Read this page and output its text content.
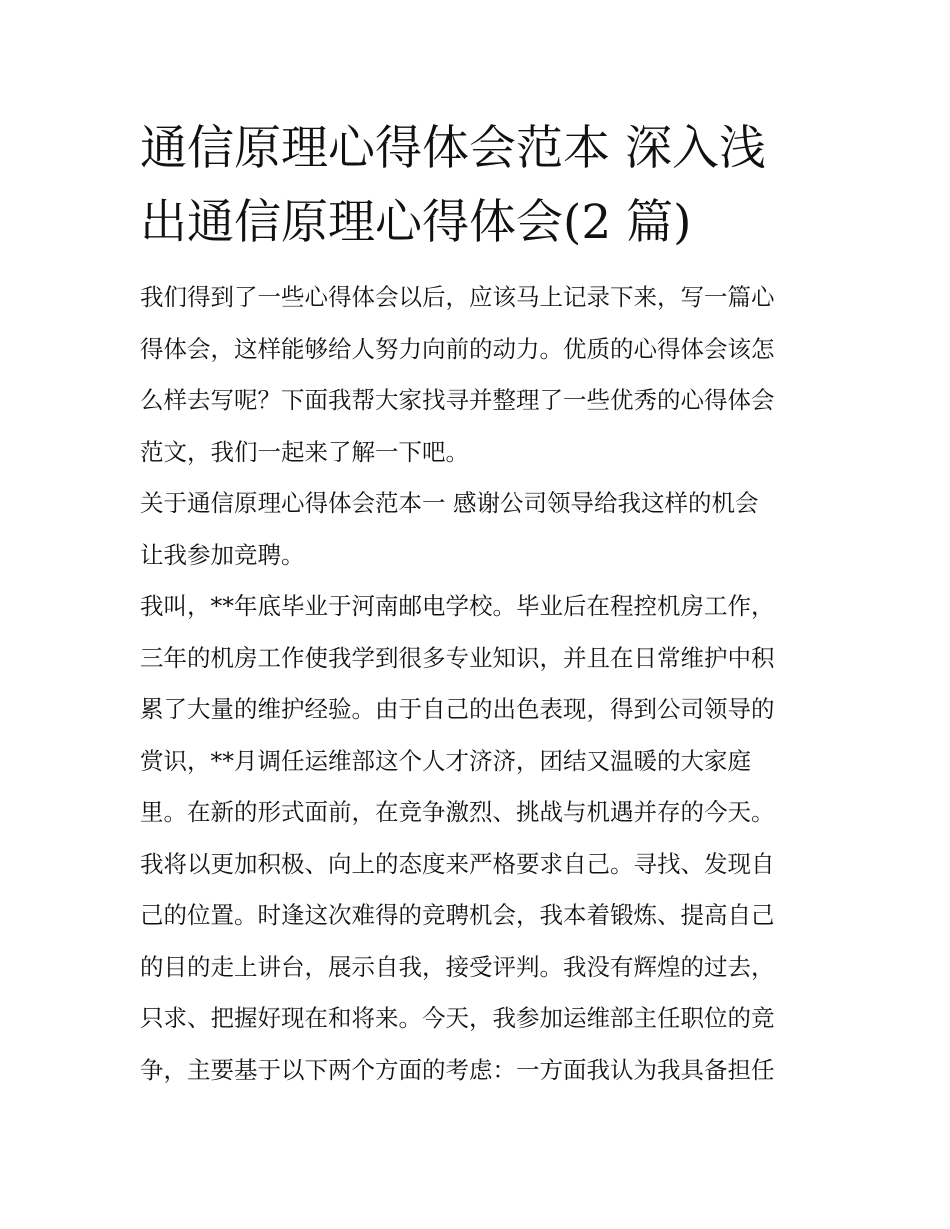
通信原理心得体会范本 深入浅
出通信原理心得体会(2 篇)
我们得到了一些心得体会以后，应该马上记录下来，写一篇心
得体会，这样能够给人努力向前的动力。优质的心得体会该怎
么样去写呢？下面我帮大家找寻并整理了一些优秀的心得体会
范文，我们一起来了解一下吧。
关于通信原理心得体会范本一 感谢公司领导给我这样的机会
让我参加竞聘。
我叫，**年底毕业于河南邮电学校。毕业后在程控机房工作，
三年的机房工作使我学到很多专业知识，并且在日常维护中积
累了大量的维护经验。由于自己的出色表现，得到公司领导的
赏识，**月调任运维部这个人才济济，团结又温暖的大家庭
里。在新的形式面前，在竞争激烈、挑战与机遇并存的今天。
我将以更加积极、向上的态度来严格要求自己。寻找、发现自
己的位置。时逢这次难得的竞聘机会，我本着锻炼、提高自己
的目的走上讲台，展示自我，接受评判。我没有辉煌的过去，
只求、把握好现在和将来。今天，我参加运维部主任职位的竞
争，主要基于以下两个方面的考虑：一方面我认为我具备担任
